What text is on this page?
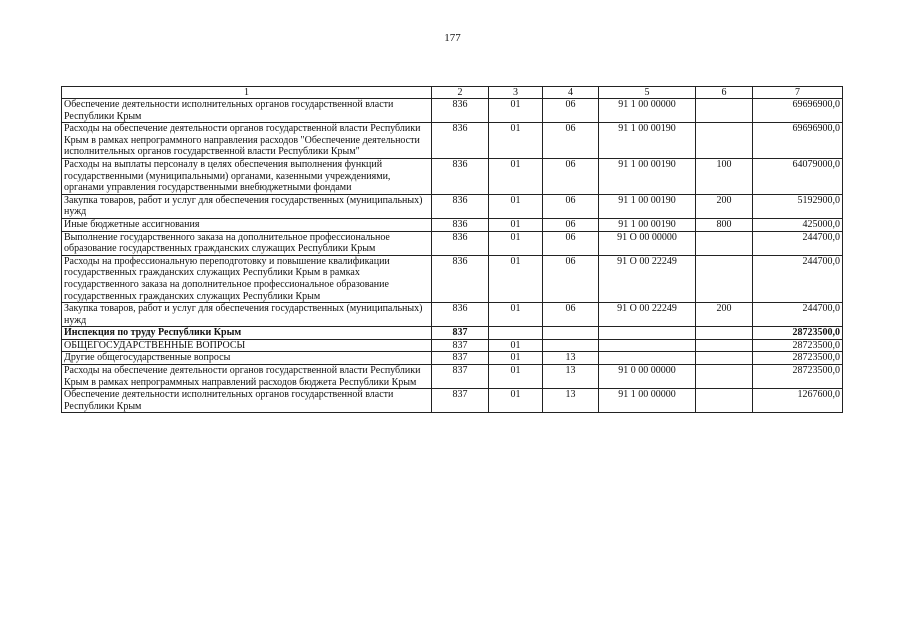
177
1	2	3	4	5	6	7
Обеспечение деятельности исполнительных органов государственной власти Республики Крым	836	01	06	91 1 00 00000		69696900,0
Расходы на обеспечение деятельности органов государственной власти Республики Крым в рамках непрограммного направления расходов "Обеспечение деятельности исполнительных органов государственной власти Республики Крым"	836	01	06	91 1 00 00190		69696900,0
Расходы на выплаты персоналу в целях обеспечения выполнения функций государственными (муниципальными) органами, казенными учреждениями, органами управления государственными внебюджетными фондами	836	01	06	91 1 00 00190	100	64079000,0
Закупка товаров, работ и услуг для обеспечения государственных (муниципальных) нужд	836	01	06	91 1 00 00190	200	5192900,0
Иные бюджетные ассигнования	836	01	06	91 1 00 00190	800	425000,0
Выполнение государственного заказа на дополнительное профессиональное образование государственных гражданских служащих Республики Крым	836	01	06	91 О 00 00000		244700,0
Расходы на профессиональную переподготовку и повышение квалификации государственных гражданских служащих Республики Крым в рамках государственного заказа на дополнительное профессиональное образование государственных гражданских служащих Республики Крым	836	01	06	91 О 00 22249		244700,0
Закупка товаров, работ и услуг для обеспечения государственных (муниципальных) нужд	836	01	06	91 О 00 22249	200	244700,0
Инспекция по труду Республики Крым	837					28723500,0
ОБЩЕГОСУДАРСТВЕННЫЕ ВОПРОСЫ	837	01				28723500,0
Другие общегосударственные вопросы	837	01	13			28723500,0
Расходы на обеспечение деятельности органов государственной власти Республики Крым в рамках непрограммных направлений расходов бюджета Республики Крым	837	01	13	91 0 00 00000		28723500,0
Обеспечение деятельности исполнительных органов государственной власти Республики Крым	837	01	13	91 1 00 00000		1267600,0
